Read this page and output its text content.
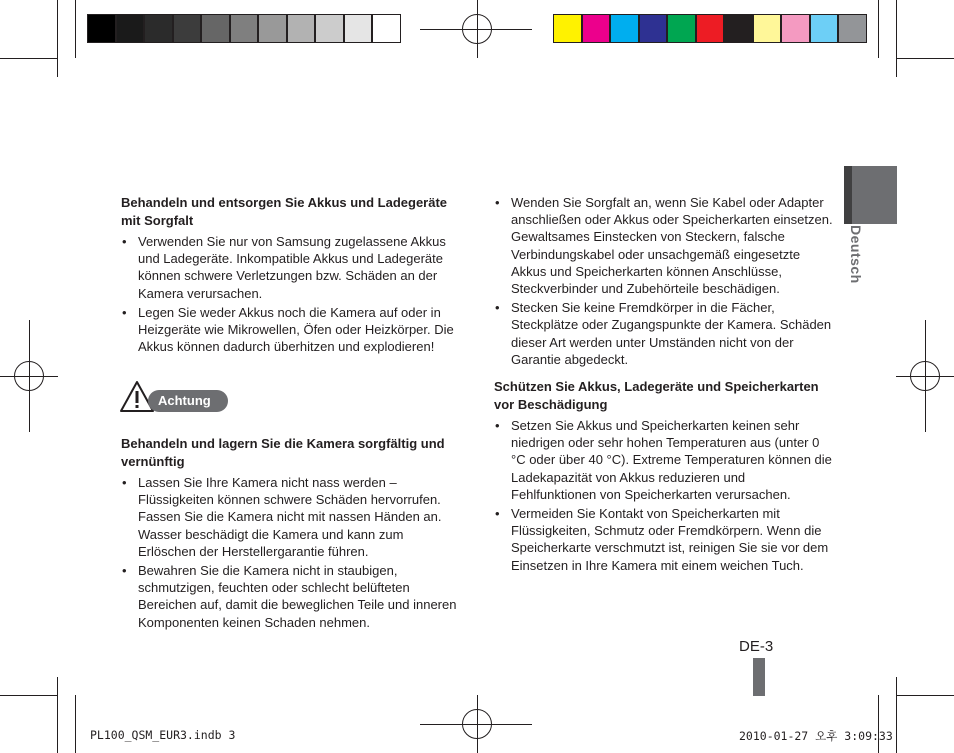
Deutsch
Behandeln und entsorgen Sie Akkus und Ladegeräte mit Sorgfalt
• Verwenden Sie nur von Samsung zugelassene Akkus und Ladegeräte. Inkompatible Akkus und Ladegeräte können schwere Verletzungen bzw. Schäden an der Kamera verursachen.
• Legen Sie weder Akkus noch die Kamera auf oder in Heizgeräte wie Mikrowellen, Öfen oder Heizkörper. Die Akkus können dadurch überhitzen und explodieren!
Achtung
Behandeln und lagern Sie die Kamera sorgfältig und vernünftig
• Lassen Sie Ihre Kamera nicht nass werden – Flüssigkeiten können schwere Schäden hervorrufen. Fassen Sie die Kamera nicht mit nassen Händen an. Wasser beschädigt die Kamera und kann zum Erlöschen der Herstellergarantie führen.
• Bewahren Sie die Kamera nicht in staubigen, schmutzigen, feuchten oder schlecht belüfteten Bereichen auf, damit die beweglichen Teile und inneren Komponenten keinen Schaden nehmen.
• Wenden Sie Sorgfalt an, wenn Sie Kabel oder Adapter anschließen oder Akkus oder Speicherkarten einsetzen. Gewaltsames Einstecken von Steckern, falsche Verbindungskabel oder unsachgemäß eingesetzte Akkus und Speicherkarten können Anschlüsse, Steckverbinder und Zubehörteile beschädigen.
• Stecken Sie keine Fremdkörper in die Fächer, Steckplätze oder Zugangspunkte der Kamera. Schäden dieser Art werden unter Umständen nicht von der Garantie abgedeckt.
Schützen Sie Akkus, Ladegeräte und Speicherkarten vor Beschädigung
• Setzen Sie Akkus und Speicherkarten keinen sehr niedrigen oder sehr hohen Temperaturen aus (unter 0 °C oder über 40 °C). Extreme Temperaturen können die Ladekapazität von Akkus reduzieren und Fehlfunktionen von Speicherkarten verursachen.
• Vermeiden Sie Kontakt von Speicherkarten mit Flüssigkeiten, Schmutz oder Fremdkörpern. Wenn die Speicherkarte verschmutzt ist, reinigen Sie sie vor dem Einsetzen in Ihre Kamera mit einem weichen Tuch.
DE-3
PL100_QSM_EUR3.indb 3	2010-01-27 오후 3:09:33
